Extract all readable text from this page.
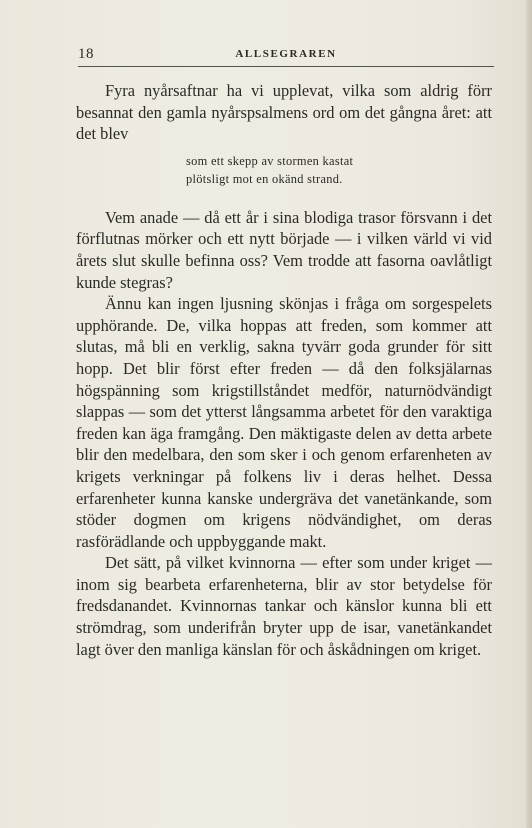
18	ALLSEGRAREN

Fyra nyårsaftnar ha vi upplevat, vilka som aldrig förr besannat den gamla nyårspsalmens ord om det gångna året: att det blev

som ett skepp av stormen kastat
plötsligt mot en okänd strand.

Vem anade — då ett år i sina blodiga trasor försvann i det förflutnas mörker och ett nytt började — i vilken värld vi vid årets slut skulle befinna oss? Vem trodde att fasorna oavlåtligt kunde stegras?

Ännu kan ingen ljusning skönjas i fråga om sorgespelets upphörande. De, vilka hoppas att freden, som kommer att slutas, må bli en verklig, sakna tyvärr goda grunder för sitt hopp. Det blir först efter freden — då den folksjälarnas högspänning som krigstillståndet medför, naturnödvändigt slappas — som det ytterst långsamma arbetet för den varaktiga freden kan äga framgång. Den mäktigaste delen av detta arbete blir den medelbara, den som sker i och genom erfarenheten av krigets verkningar på folkens liv i deras helhet. Dessa erfarenheter kunna kanske undergräva det vanetänkande, som stöder dogmen om krigens nödvändighet, om deras rasförädlande och uppbyggande makt.

Det sätt, på vilket kvinnorna — efter som under kriget — inom sig bearbeta erfarenheterna, blir av stor betydelse för fredsdanandet. Kvinnornas tankar och känslor kunna bli ett strömdrag, som underifrån bryter upp de isar, vanetänkandet lagt över den manliga känslan för och åskådningen om kriget.
